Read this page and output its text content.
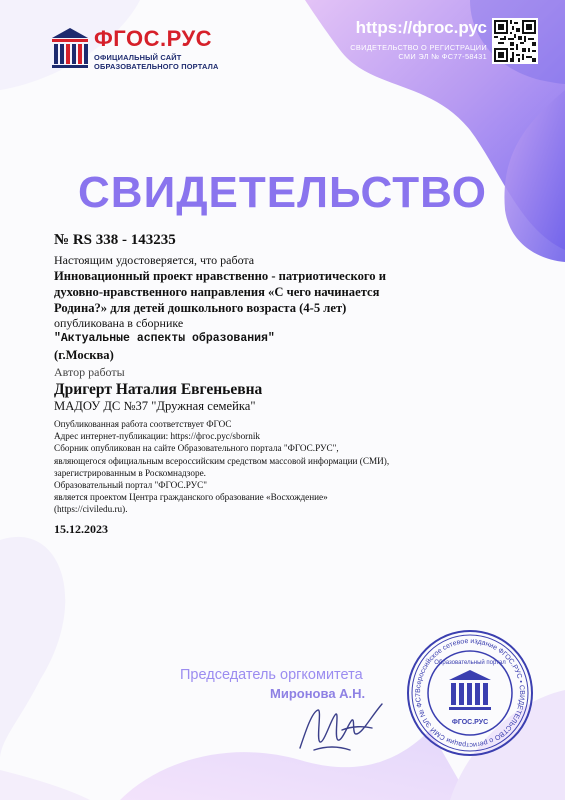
ФГОС.РУС
ОФИЦИАЛЬНЫЙ САЙТ
ОБРАЗОВАТЕЛЬНОГО ПОРТАЛА
https://фгос.рус
СВИДЕТЕЛЬСТВО О РЕГИСТРАЦИИ
СМИ ЭЛ № ФС77-58431
СВИДЕТЕЛЬСТВО
№ RS 338 - 143235
Настоящим удостоверяется, что работа
Инновационный проект нравственно - патриотического и
духовно-нравственного направления «С чего начинается
Родина?» для детей дошкольного возраста (4-5 лет)
опубликована в сборнике
"Актуальные аспекты образования"
(г.Москва)
Автор работы
Дригерт Наталия Евгеньевна
МАДОУ ДС №37 "Дружная семейка"
Опубликованная работа соответствует ФГОС
Адрес интернет-публикации: https://фгос.рус/sbornik
Сборник опубликован на сайте Образовательного портала "ФГОС.РУС",
являющегося официальным всероссийским средством массовой информации (СМИ),
зарегистрированным в Роскомнадзоре.
Образовательный портал "ФГОС.РУС"
является проектом Центра гражданского образование «Восхождение»
(https://civiledu.ru).
15.12.2023
Председатель оргкомитета
Миронова А.Н.	Всероссийское сетевое издание ФГОС.РУС • СВИДЕТЕЛЬСТВО о регистрации СМИ ЭЛ № ФС7
Образовательный портал
ФГОС.РУС
